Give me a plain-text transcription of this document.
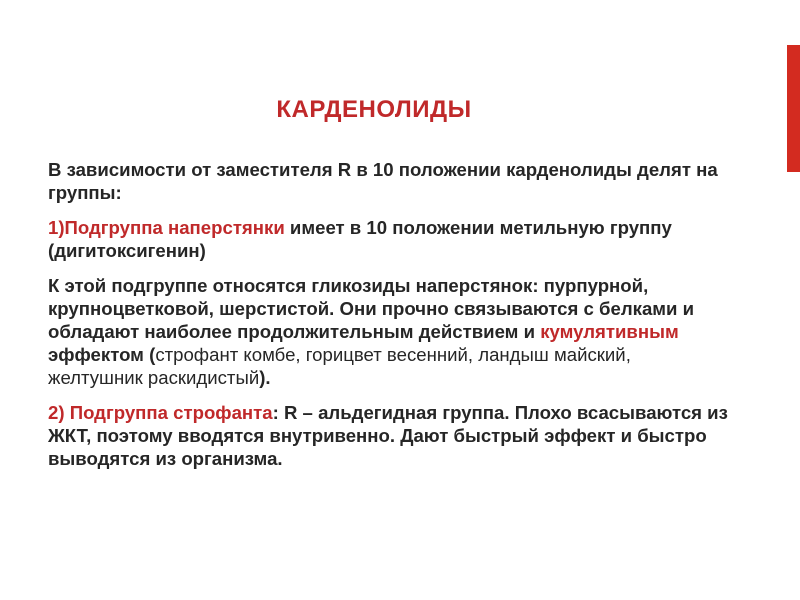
КАРДЕНОЛИДЫ

В зависимости от заместителя R в 10 положении карденолиды делят на группы:

1)Подгруппа наперстянки имеет в 10 положении метильную группу (дигитоксигенин)

К этой подгруппе относятся гликозиды наперстянок: пурпурной, крупноцветковой, шерстистой. Они прочно связываются с белками и обладают наиболее продолжительным действием и кумулятивным эффектом (строфант комбе, горицвет весенний, ландыш майский, желтушник раскидистый).

2) Подгруппа строфанта: R – альдегидная группа. Плохо всасываются из ЖКТ, поэтому вводятся внутривенно. Дают быстрый эффект и быстро выводятся из организма.
